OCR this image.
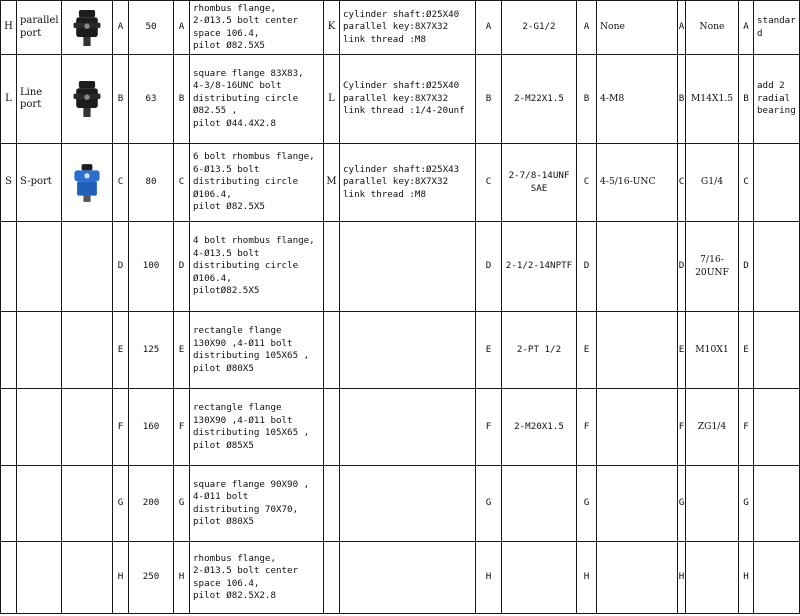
H	parallel
port		A	50	A	rhombus flange,
2-Ø13.5 bolt center
space 106.4,
pilot Ø82.5X5	K	cylinder shaft:Ø25X40
parallel key:8X7X32
link thread :M8	A	2-G1/2	A	None	A	None	A	standar
d
L	Line
port		B	63	B	square flange 83X83,
4-3/8-16UNC bolt
distributing circle
Ø82.55 ,
pilot Ø44.4X2.8	L	Cylinder shaft:Ø25X40
parallel key:8X7X32
link thread :1/4-20unf	B	2-M22X1.5	B	4-M8	B	M14X1.5	B	add 2
radial
bearing
S	S-port		C	80	C	6 bolt rhombus flange,
6-Ø13.5 bolt
distributing circle
Ø106.4,
pilot Ø82.5X5	M	cylinder shaft:Ø25X43
parallel key:8X7X32
link thread :M8	C	2-7/8-14UNF
SAE	C	4-5/16-UNC	C	G1/4	C	
			D	100	D	4 bolt rhombus flange,
4-Ø13.5 bolt
distributing circle
Ø106.4,
pilotØ82.5X5			D	2-1/2-14NPTF	D		D	7/16-
20UNF	D	
			E	125	E	rectangle flange
130X90 ,4-Ø11 bolt
distributing 105X65 ,
pilot Ø80X5			E	2-PT 1/2	E		E	M10X1	E	
			F	160	F	rectangle flange
130X90 ,4-Ø11 bolt
distributing 105X65 ,
pilot Ø85X5			F	2-M20X1.5	F		F	ZG1/4	F	
			G	200	G	square flange 90X90 ,
4-Ø11 bolt
distributing 70X70,
pilot Ø80X5			G		G		G		G	
			H	250	H	rhombus flange,
2-Ø13.5 bolt center
space 106.4,
pilot Ø82.5X2.8			H		H		H		H	
